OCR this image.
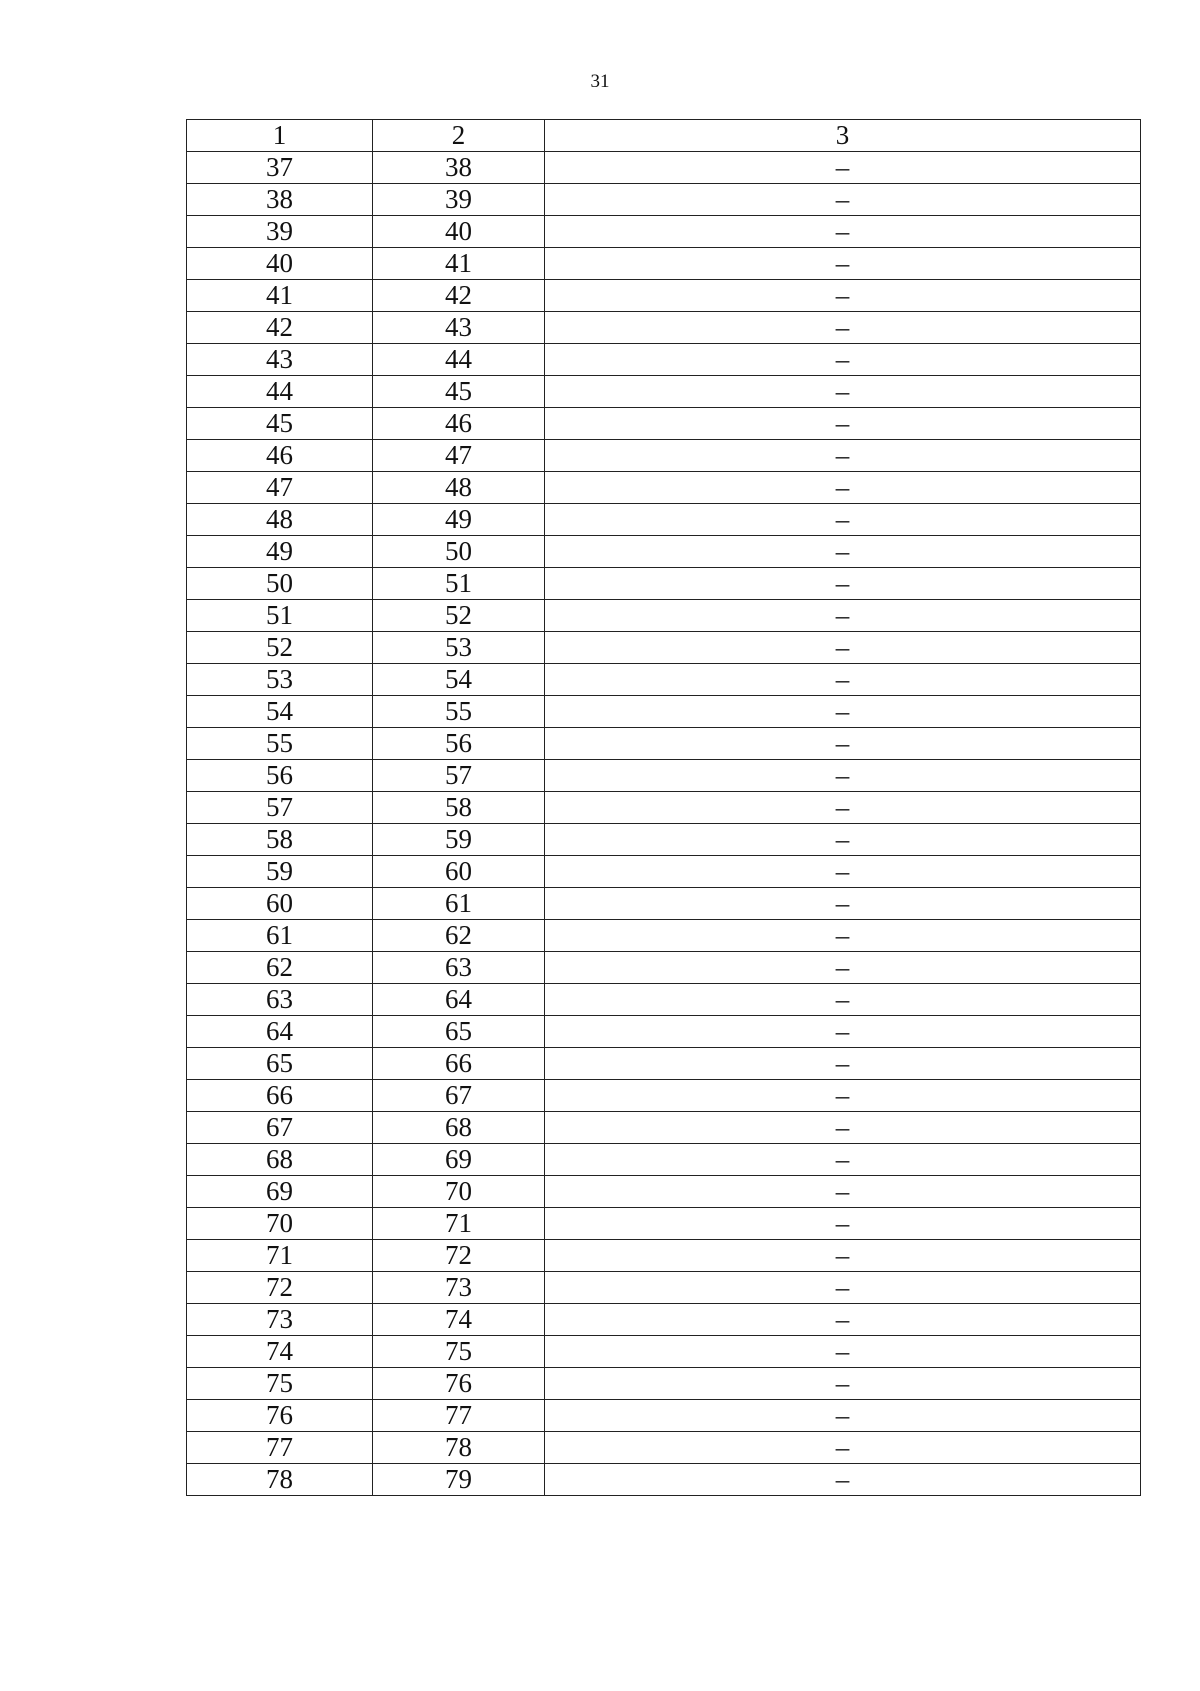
31
1	2	3
37	38	–
38	39	–
39	40	–
40	41	–
41	42	–
42	43	–
43	44	–
44	45	–
45	46	–
46	47	–
47	48	–
48	49	–
49	50	–
50	51	–
51	52	–
52	53	–
53	54	–
54	55	–
55	56	–
56	57	–
57	58	–
58	59	–
59	60	–
60	61	–
61	62	–
62	63	–
63	64	–
64	65	–
65	66	–
66	67	–
67	68	–
68	69	–
69	70	–
70	71	–
71	72	–
72	73	–
73	74	–
74	75	–
75	76	–
76	77	–
77	78	–
78	79	–
